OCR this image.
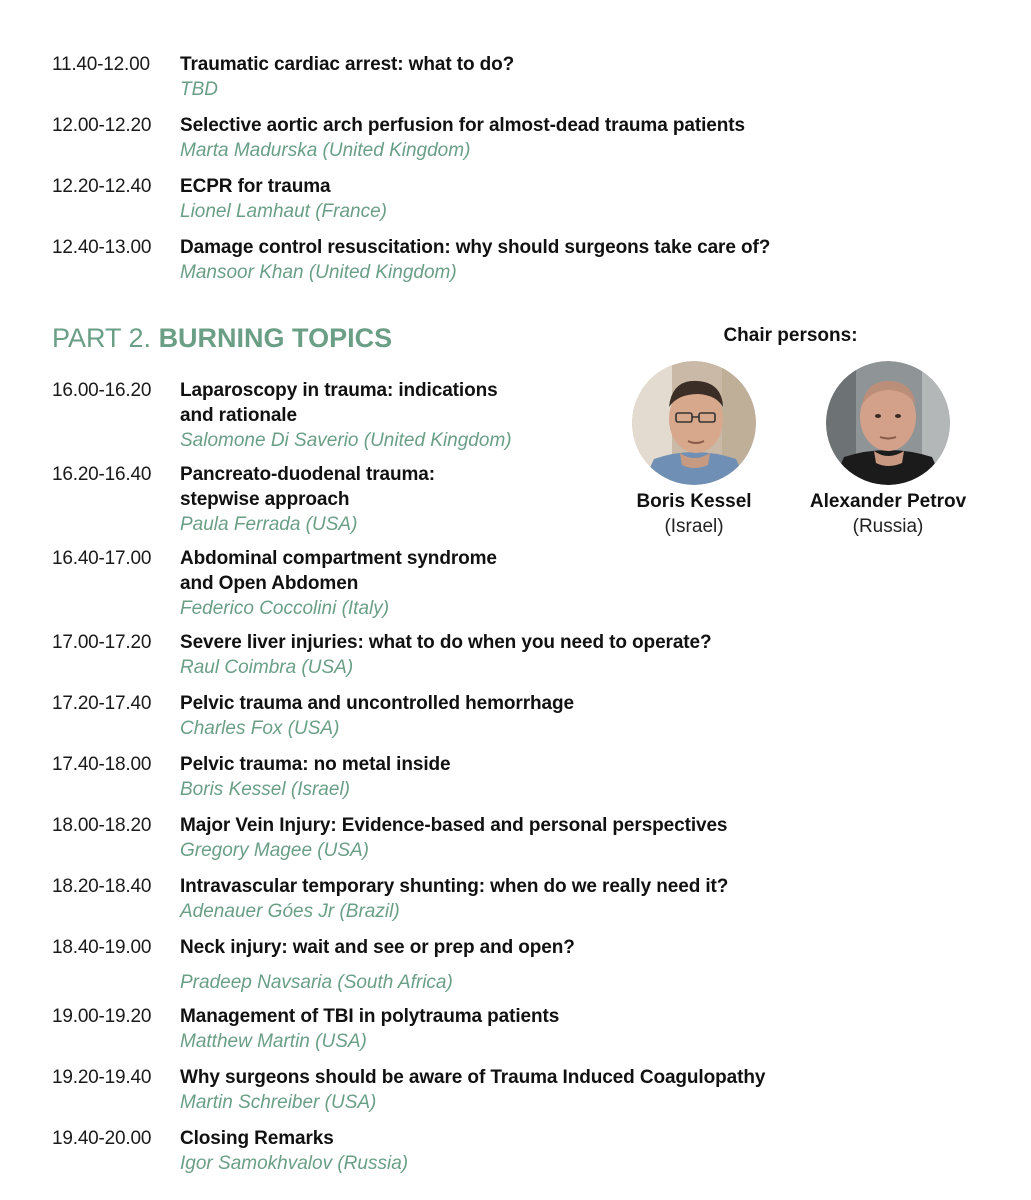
11.40-12.00 Traumatic cardiac arrest: what to do?
TBD
12.00-12.20 Selective aortic arch perfusion for almost-dead trauma patients
Marta Madurska (United Kingdom)
12.20-12.40 ECPR for trauma
Lionel Lamhaut (France)
12.40-13.00 Damage control resuscitation: why should surgeons take care of?
Mansoor Khan (United Kingdom)
PART 2. BURNING TOPICS	Chair persons:
Boris Kessel
(Israel)
Alexander Petrov
(Russia)
16.00-16.20 Laparoscopy in trauma: indications
and rationale
Salomone Di Saverio (United Kingdom)
16.20-16.40 Pancreato-duodenal trauma:
stepwise approach
Paula Ferrada (USA)
16.40-17.00 Abdominal compartment syndrome
and Open Abdomen
Federico Coccolini (Italy)
17.00-17.20 Severe liver injuries: what to do when you need to operate?
Raul Coimbra (USA)
17.20-17.40 Pelvic trauma and uncontrolled hemorrhage
Charles Fox (USA)
17.40-18.00 Pelvic trauma: no metal inside
Boris Kessel (Israel)
18.00-18.20 Major Vein Injury: Evidence-based and personal perspectives
Gregory Magee (USA)
18.20-18.40 Intravascular temporary shunting: when do we really need it?
Adenauer Góes Jr (Brazil)
18.40-19.00 Neck injury: wait and see or prep and open?
Pradeep Navsaria (South Africa)
19.00-19.20 Management of TBI in polytrauma patients
Matthew Martin (USA)
19.20-19.40 Why surgeons should be aware of Trauma Induced Coagulopathy
Martin Schreiber (USA)
19.40-20.00 Closing Remarks
Igor Samokhvalov (Russia)
